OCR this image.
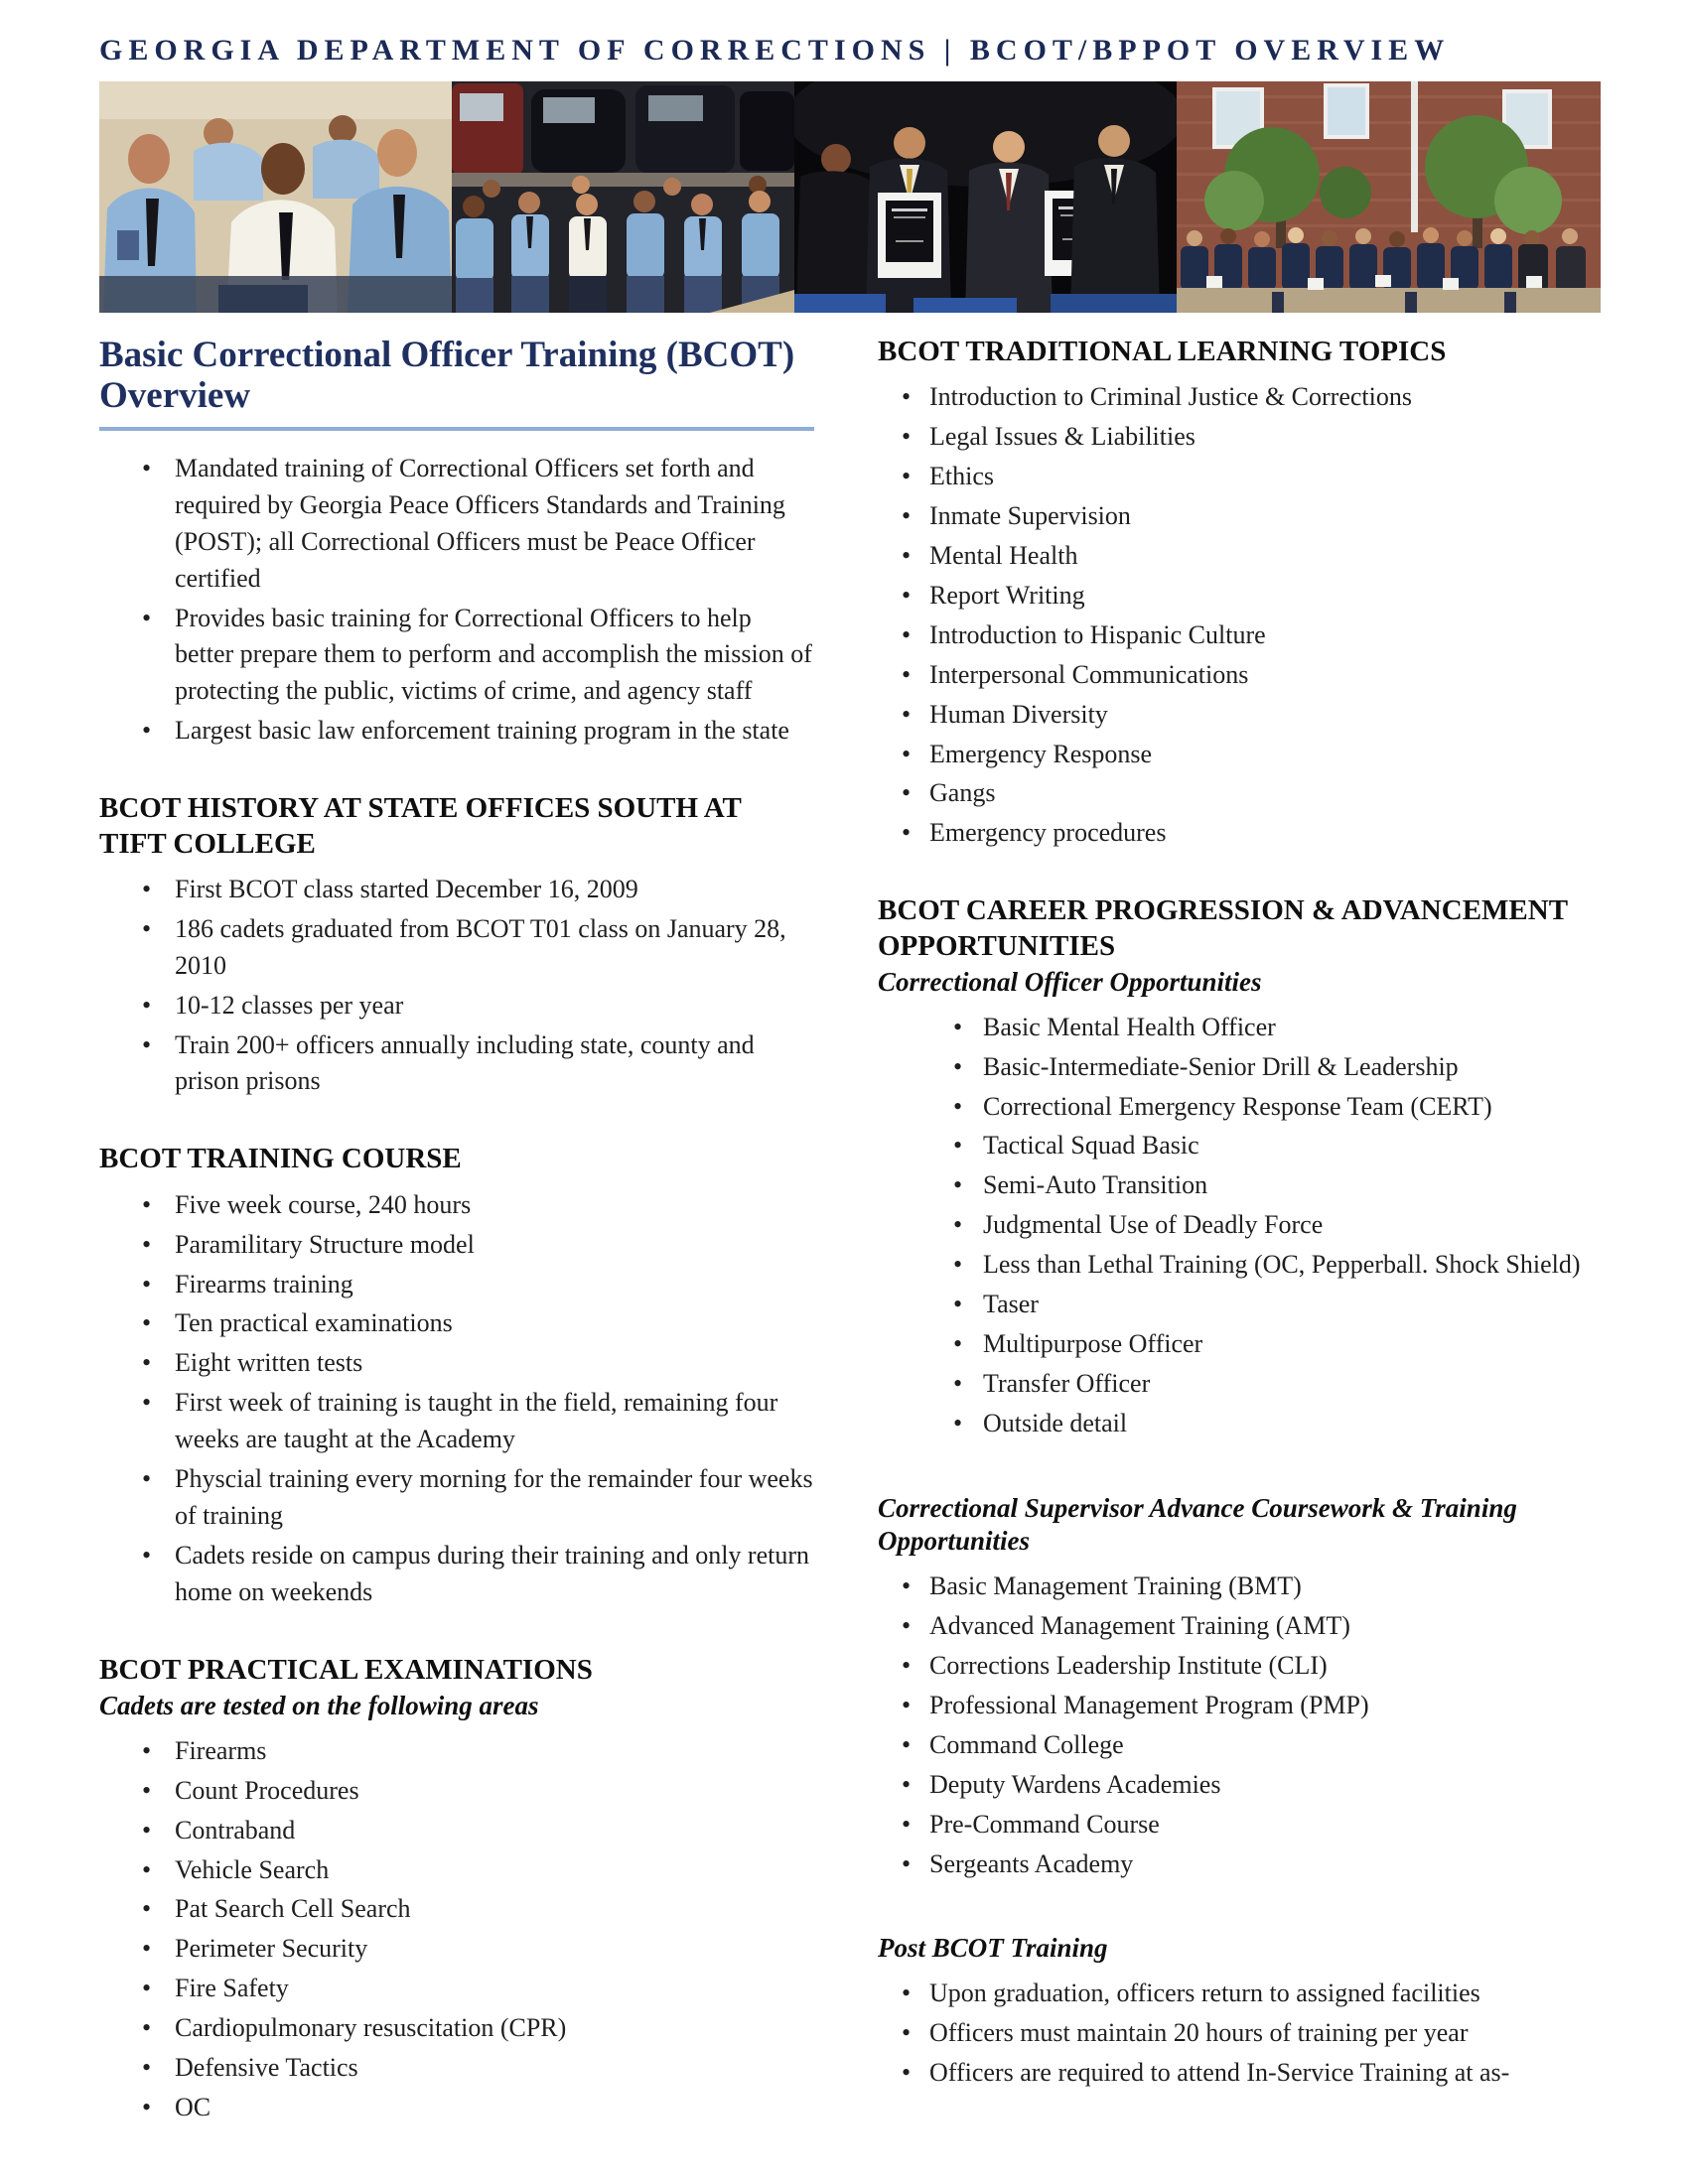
GEORGIA DEPARTMENT OF CORRECTIONS | BCOT/BPPOT OVERVIEW
Basic Correctional Officer Training (BCOT) Overview
• Mandated training of Correctional Officers set forth and required by Georgia Peace Officers Standards and Training (POST); all Correctional Officers must be Peace Officer certified
• Provides basic training for Correctional Officers to help better prepare them to perform and accomplish the mission of protecting the public, victims of crime, and agency staff
• Largest basic law enforcement training program in the state
BCOT HISTORY AT STATE OFFICES SOUTH AT TIFT COLLEGE
• First BCOT class started December 16, 2009
• 186 cadets graduated from BCOT T01 class on January 28, 2010
• 10-12 classes per year
• Train 200+ officers annually including state, county and prison prisons
BCOT TRAINING COURSE
• Five week course, 240 hours
• Paramilitary Structure model
• Firearms training
• Ten practical examinations
• Eight written tests
• First week of training is taught in the field, remaining four weeks are taught at the Academy
• Physcial training every morning for the remainder four weeks of training
• Cadets reside on campus during their training and only return home on weekends
BCOT PRACTICAL EXAMINATIONS
Cadets are tested on the following areas
• Firearms
• Count Procedures
• Contraband
• Vehicle Search
• Pat Search Cell Search
• Perimeter Security
• Fire Safety
• Cardiopulmonary resuscitation (CPR)
• Defensive Tactics
• OC
BCOT TRADITIONAL LEARNING TOPICS
• Introduction to Criminal Justice & Corrections
• Legal Issues & Liabilities
• Ethics
• Inmate Supervision
• Mental Health
• Report Writing
• Introduction to Hispanic Culture
• Interpersonal Communications
• Human Diversity
• Emergency Response
• Gangs
• Emergency procedures
BCOT CAREER PROGRESSION & ADVANCEMENT OPPORTUNITIES
Correctional Officer Opportunities
• Basic Mental Health Officer
• Basic-Intermediate-Senior Drill & Leadership
• Correctional Emergency Response Team (CERT)
• Tactical Squad Basic
• Semi-Auto Transition
• Judgmental Use of Deadly Force
• Less than Lethal Training (OC, Pepperball. Shock Shield)
• Taser
• Multipurpose Officer
• Transfer Officer
• Outside detail
Correctional Supervisor Advance Coursework & Training Opportunities
• Basic Management Training (BMT)
• Advanced Management Training (AMT)
• Corrections Leadership Institute (CLI)
• Professional Management Program (PMP)
• Command College
• Deputy Wardens Academies
• Pre-Command Course
• Sergeants Academy
Post BCOT Training
• Upon graduation, officers return to assigned facilities
• Officers must maintain 20 hours of training per year
• Officers are required to attend In-Service Training at as-
